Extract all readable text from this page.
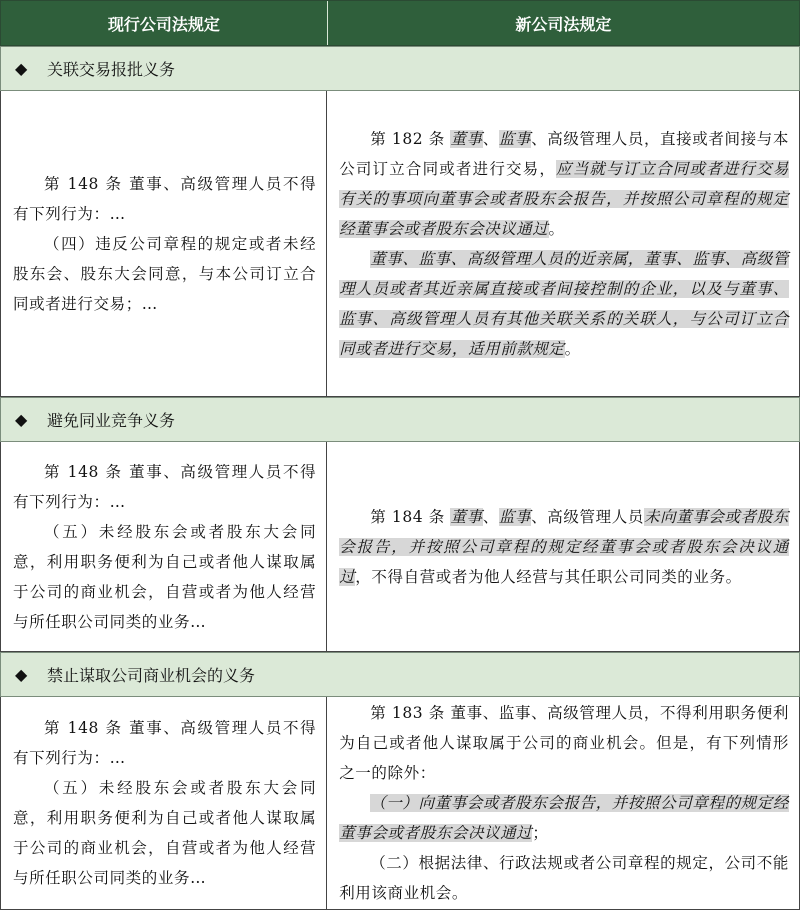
现行公司法规定	新公司法规定
◆ 关联交易报批义务

第 148 条 董事、高级管理人员不得有下列行为：…

（四）违反公司章程的规定或者未经股东会、股东大会同意，与本公司订立合同或者进行交易；…

第 182 条 董事、监事、高级管理人员，直接或者间接与本公司订立合同或者进行交易，应当就与订立合同或者进行交易有关的事项向董事会或者股东会报告，并按照公司章程的规定经董事会或者股东会决议通过。

董事、监事、高级管理人员的近亲属，董事、监事、高级管理人员或者其近亲属直接或者间接控制的企业，以及与董事、监事、高级管理人员有其他关联关系的关联人，与公司订立合同或者进行交易，适用前款规定。

◆ 避免同业竞争义务

第 148 条 董事、高级管理人员不得有下列行为：…

（五）未经股东会或者股东大会同意，利用职务便利为自己或者他人谋取属于公司的商业机会，自营或者为他人经营与所任职公司同类的业务…

第 184 条 董事、监事、高级管理人员未向董事会或者股东会报告，并按照公司章程的规定经董事会或者股东会决议通过，不得自营或者为他人经营与其任职公司同类的业务。

◆ 禁止谋取公司商业机会的义务

第 148 条 董事、高级管理人员不得有下列行为：…

（五）未经股东会或者股东大会同意，利用职务便利为自己或者他人谋取属于公司的商业机会，自营或者为他人经营与所任职公司同类的业务…

第 183 条 董事、监事、高级管理人员，不得利用职务便利为自己或者他人谋取属于公司的商业机会。但是，有下列情形之一的除外：

（一）向董事会或者股东会报告，并按照公司章程的规定经董事会或者股东会决议通过；

（二）根据法律、行政法规或者公司章程的规定，公司不能利用该商业机会。
